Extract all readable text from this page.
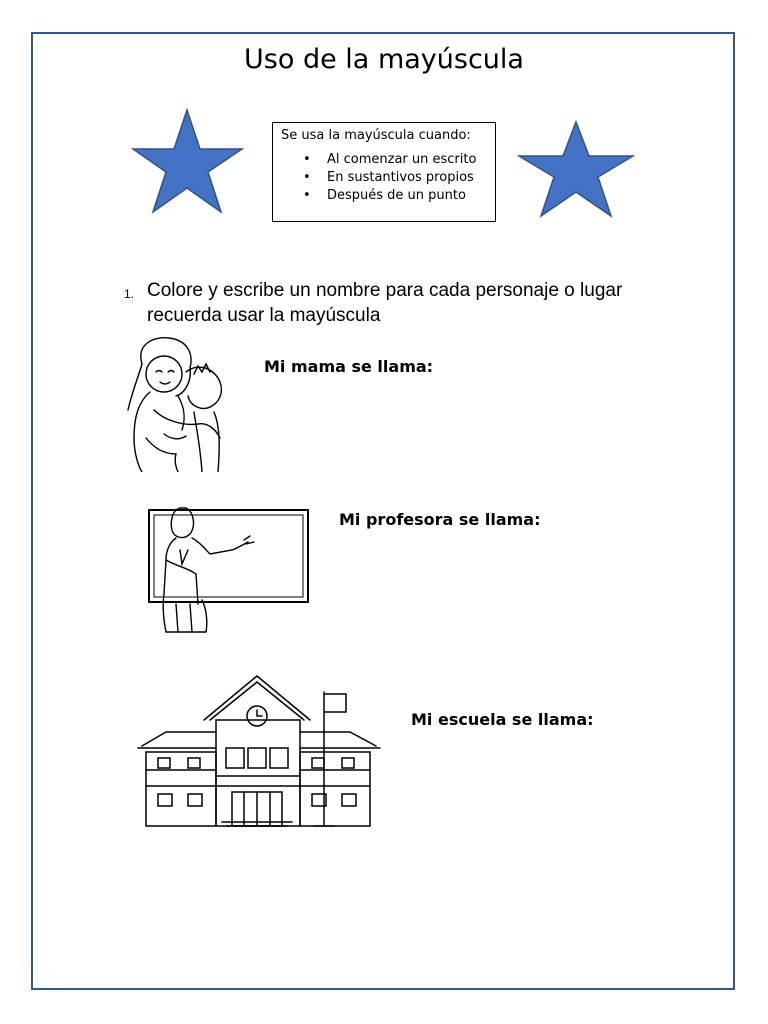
Uso de la mayúscula
Se usa la mayúscula cuando:
• Al comenzar un escrito
• En sustantivos propios
• Después de un punto
1. Colore y escribe un nombre para cada personaje o lugar recuerda usar la mayúscula
Mi mama se llama:
Mi profesora se llama:
Mi escuela se llama:
